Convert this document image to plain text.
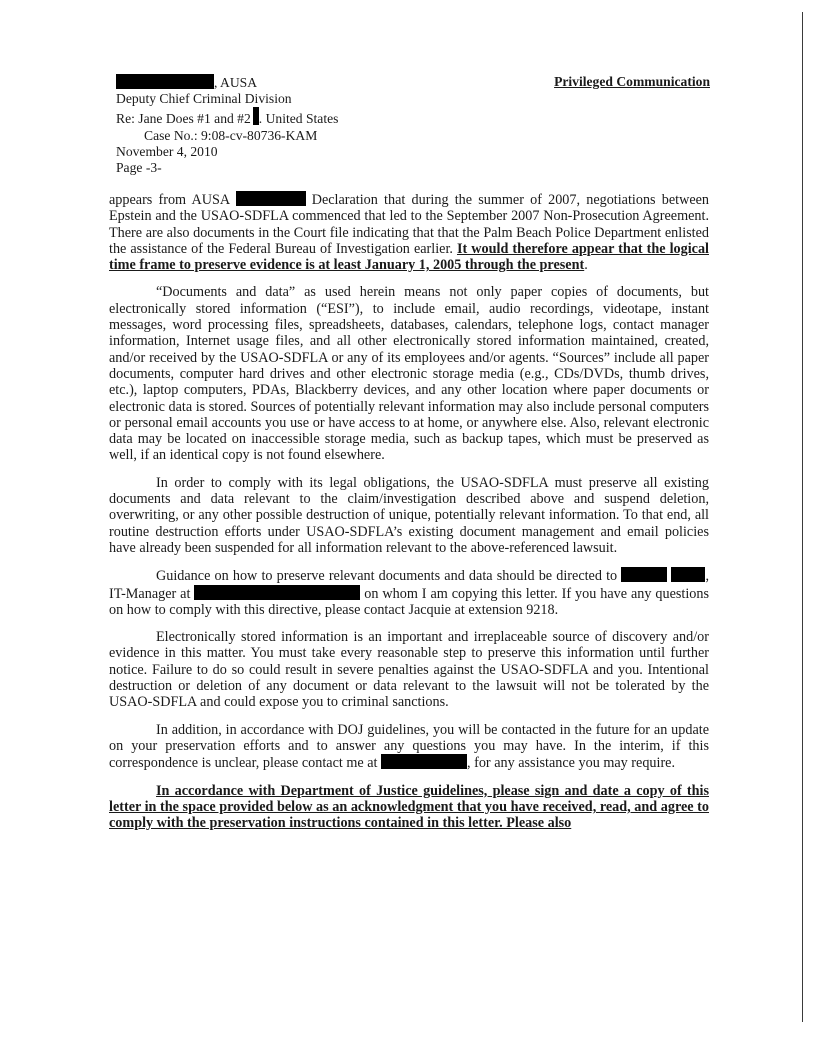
Privileged Communication
, AUSA
Deputy Chief Criminal Division
Re: Jane Does #1 and #2 . United States
Case No.: 9:08-cv-80736-KAM
November 4, 2010
Page -3-

appears from AUSA	Declaration that during the summer of 2007, negotiations between Epstein and the USAO-SDFLA commenced that led to the September 2007 Non-Prosecution Agreement. There are also documents in the Court file indicating that that the Palm Beach Police Department enlisted the assistance of the Federal Bureau of Investigation earlier. It would therefore appear that the logical time frame to preserve evidence is at least January 1, 2005 through the present.

“Documents and data” as used herein means not only paper copies of documents, but electronically stored information (“ESI”), to include email, audio recordings, videotape, instant messages, word processing files, spreadsheets, databases, calendars, telephone logs, contact manager information, Internet usage files, and all other electronically stored information maintained, created, and/or received by the USAO-SDFLA or any of its employees and/or agents. “Sources” include all paper documents, computer hard drives and other electronic storage media (e.g., CDs/DVDs, thumb drives, etc.), laptop computers, PDAs, Blackberry devices, and any other location where paper documents or electronic data is stored. Sources of potentially relevant information may also include personal computers or personal email accounts you use or have access to at home, or anywhere else. Also, relevant electronic data may be located on inaccessible storage media, such as backup tapes, which must be preserved as well, if an identical copy is not found elsewhere.

In order to comply with its legal obligations, the USAO-SDFLA must preserve all existing documents and data relevant to the claim/investigation described above and suspend deletion, overwriting, or any other possible destruction of unique, potentially relevant information. To that end, all routine destruction efforts under USAO-SDFLA’s existing document management and email policies have already been suspended for all information relevant to the above-referenced lawsuit.

Guidance on how to preserve relevant documents and data should be directed to	, IT-Manager at	on whom I am copying this letter. If you have any questions on how to comply with this directive, please contact Jacquie at extension 9218.

Electronically stored information is an important and irreplaceable source of discovery and/or evidence in this matter. You must take every reasonable step to preserve this information until further notice. Failure to do so could result in severe penalties against the USAO-SDFLA and you. Intentional destruction or deletion of any document or data relevant to the lawsuit will not be tolerated by the USAO-SDFLA and could expose you to criminal sanctions.

In addition, in accordance with DOJ guidelines, you will be contacted in the future for an update on your preservation efforts and to answer any questions you may have. In the interim, if this correspondence is unclear, please contact me at	, for any assistance you may require.

In accordance with Department of Justice guidelines, please sign and date a copy of this letter in the space provided below as an acknowledgment that you have received, read, and agree to comply with the preservation instructions contained in this letter. Please also
